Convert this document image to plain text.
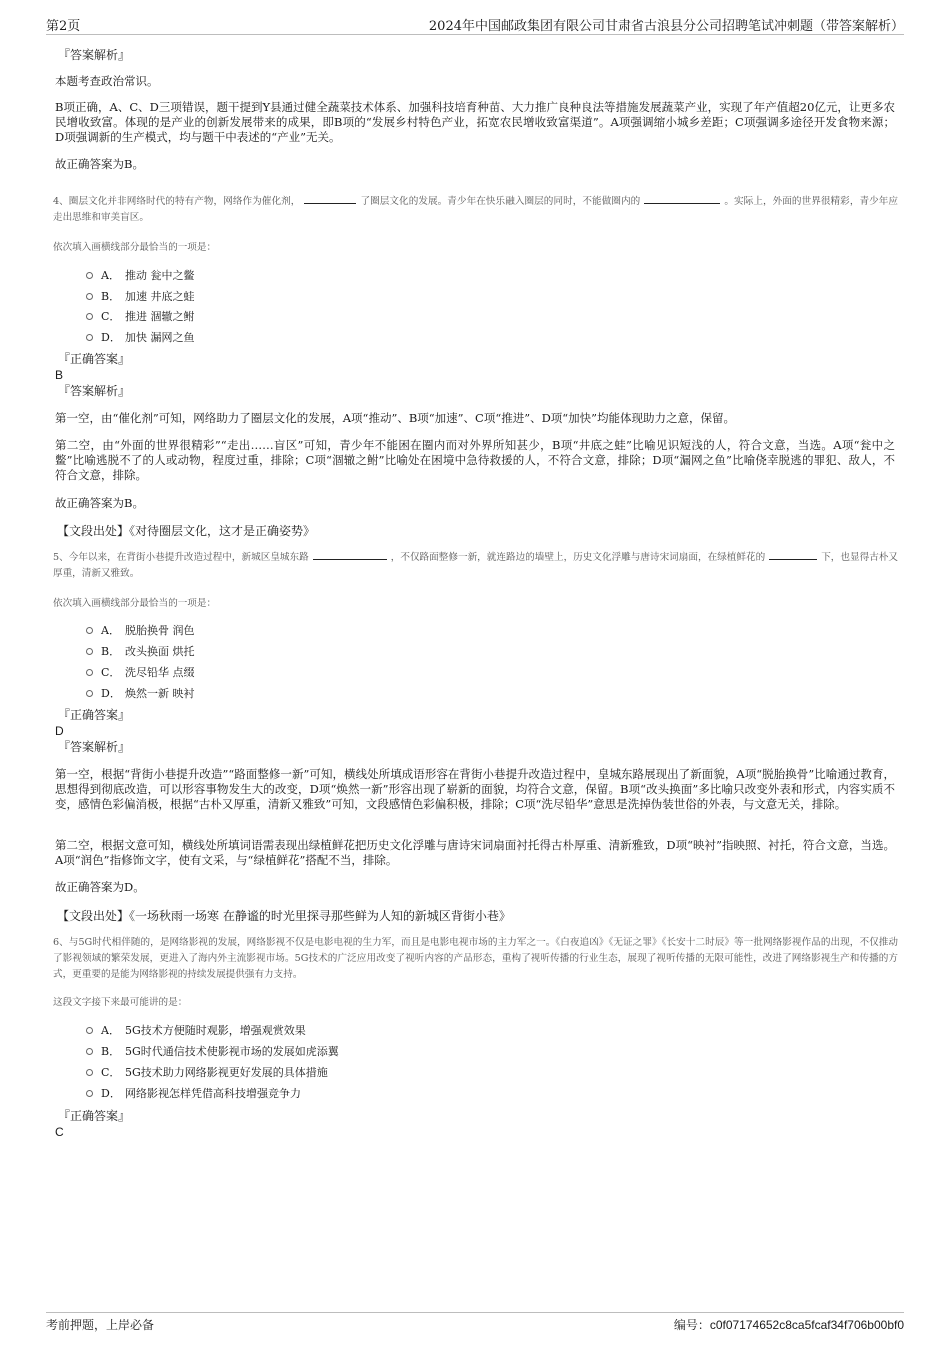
第2页	2024年中国邮政集团有限公司甘肃省古浪县分公司招聘笔试冲刺题（带答案解析）
『答案解析』
本题考查政治常识。
B项正确，A、C、D三项错误，题干提到Y县通过健全蔬菜技术体系、加强科技培育种苗、大力推广良种良法等措施发展蔬菜产业，实现了年产值超20亿元，让更多农民增收致富。体现的是产业的创新发展带来的成果，即B项的“发展乡村特色产业，拓宽农民增收致富渠道”。A项强调缩小城乡差距；C项强调多途径开发食物来源；D项强调新的生产模式，均与题干中表述的“产业”无关。
故正确答案为B。
4、圈层文化并非网络时代的特有产物，网络作为催化剂，	了圈层文化的发展。青少年在快乐融入圈层的同时，不能做圈内的	。实际上，外面的世界很精彩，青少年应走出思维和审美盲区。
依次填入画横线部分最恰当的一项是：
A． 推动 瓮中之鳖
B． 加速 井底之蛙
C． 推进 涸辙之鲋
D． 加快 漏网之鱼
『正确答案』
B
『答案解析』
第一空，由“催化剂”可知，网络助力了圈层文化的发展，A项“推动”、B项“加速”、C项“推进”、D项“加快”均能体现助力之意，保留。
第二空，由“外面的世界很精彩”“走出……盲区”可知，青少年不能困在圈内而对外界所知甚少，B项“井底之蛙”比喻见识短浅的人，符合文意，当选。A项“瓮中之鳖”比喻逃脱不了的人或动物，程度过重，排除；C项“涸辙之鲋”比喻处在困境中急待救援的人，不符合文意，排除；D项“漏网之鱼”比喻侥幸脱逃的罪犯、敌人，不符合文意，排除。
故正确答案为B。
【文段出处】《对待圈层文化，这才是正确姿势》
5、今年以来，在背街小巷提升改造过程中，新城区皇城东路	，不仅路面整修一新，就连路边的墙壁上，历史文化浮雕与唐诗宋词扇面，在绿植鲜花的	下，也显得古朴又厚重，清新又雅致。
依次填入画横线部分最恰当的一项是：
A． 脱胎换骨 润色
B． 改头换面 烘托
C． 洗尽铅华 点缀
D． 焕然一新 映衬
『正确答案』
D
『答案解析』
第一空，根据“背街小巷提升改造”“路面整修一新”可知，横线处所填成语形容在背街小巷提升改造过程中，皇城东路展现出了新面貌，A项“脱胎换骨”比喻通过教育，思想得到彻底改造，可以形容事物发生大的改变，D项“焕然一新”形容出现了崭新的面貌，均符合文意，保留。B项“改头换面”多比喻只改变外表和形式，内容实质不变，感情色彩偏消极，根据“古朴又厚重，清新又雅致”可知，文段感情色彩偏积极，排除；C项“洗尽铅华”意思是洗掉伪装世俗的外表，与文意无关，排除。
第二空，根据文意可知，横线处所填词语需表现出绿植鲜花把历史文化浮雕与唐诗宋词扇面衬托得古朴厚重、清新雅致，D项“映衬”指映照、衬托，符合文意，当选。A项“润色”指修饰文字，使有文采，与“绿植鲜花”搭配不当，排除。
故正确答案为D。
【文段出处】《一场秋雨一场寒 在静谧的时光里探寻那些鲜为人知的新城区背街小巷》
6、与5G时代相伴随的，是网络影视的发展，网络影视不仅是电影电视的生力军，而且是电影电视市场的主力军之一。《白夜追凶》《无证之罪》《长安十二时辰》等一批网络影视作品的出现，不仅推动了影视领域的繁荣发展，更进入了海内外主流影视市场。5G技术的广泛应用改变了视听内容的产品形态，重构了视听传播的行业生态，展现了视听传播的无限可能性，改进了网络影视生产和传播的方式，更重要的是能为网络影视的持续发展提供强有力支持。
这段文字接下来最可能讲的是：
A． 5G技术方便随时观影，增强观赏效果
B． 5G时代通信技术使影视市场的发展如虎添翼
C． 5G技术助力网络影视更好发展的具体措施
D． 网络影视怎样凭借高科技增强竞争力
『正确答案』
C
考前押题，上岸必备	编号：c0f07174652c8ca5fcaf34f706b00bf0
